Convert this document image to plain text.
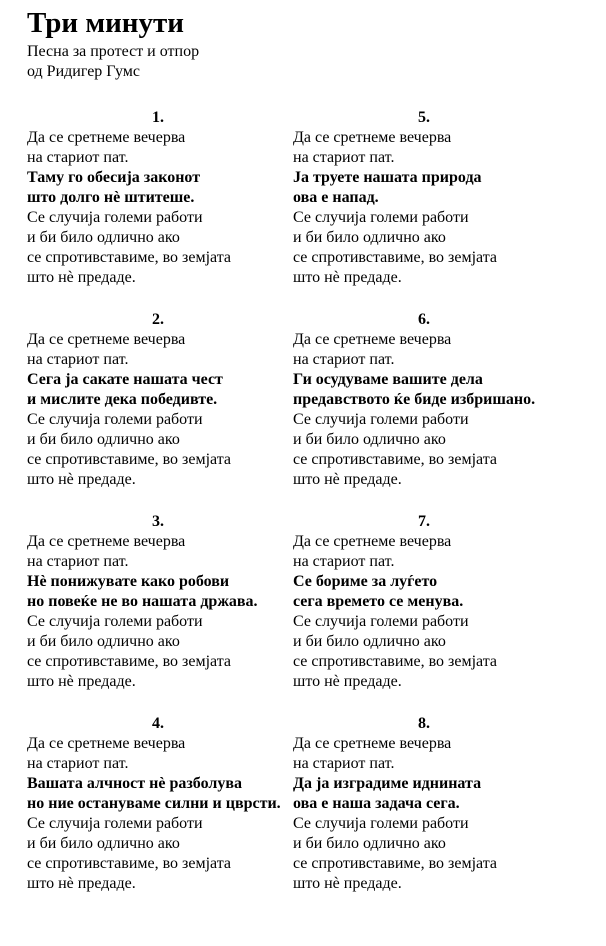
Три минути
Песна за протест и отпор
од Ридигер Гумс
1.
Да се сретнеме вечерва
на стариот пат.
Таму го обесија законот
што долго нè штитеше.
Се случија големи работи
и би било одлично ако
се спротивставиме, во земјата
што нè предаде.
5.
Да се сретнеме вечерва
на стариот пат.
Ја труете нашата природа
ова е напад.
Се случија големи работи
и би било одлично ако
се спротивставиме, во земјата
што нè предаде.
2.
Да се сретнеме вечерва
на стариот пат.
Сега ја сакате нашата чест
и мислите дека победивте.
Се случија големи работи
и би било одлично ако
се спротивставиме, во земјата
што нè предаде.
6.
Да се сретнеме вечерва
на стариот пат.
Ги осудуваме вашите дела
предавството ќе биде избришано.
Се случија големи работи
и би било одлично ако
се спротивставиме, во земјата
што нè предаде.
3.
Да се сретнеме вечерва
на стариот пат.
Нè понижувате како робови
но повеќе не во нашата држава.
Се случија големи работи
и би било одлично ако
се спротивставиме, во земјата
што нè предаде.
7.
Да се сретнеме вечерва
на стариот пат.
Се бориме за луѓето
сега времето се менува.
Се случија големи работи
и би било одлично ако
се спротивставиме, во земјата
што нè предаде.
4.
Да се сретнеме вечерва
на стариот пат.
Вашата алчност нè разболува
но ние остануваме силни и цврсти.
Се случија големи работи
и би било одлично ако
се спротивставиме, во земјата
што нè предаде.
8.
Да се сретнеме вечерва
на стариот пат.
Да ја изградиме иднината
ова е наша задача сега.
Се случија големи работи
и би било одлично ако
се спротивставиме, во земјата
што нè предаде.
